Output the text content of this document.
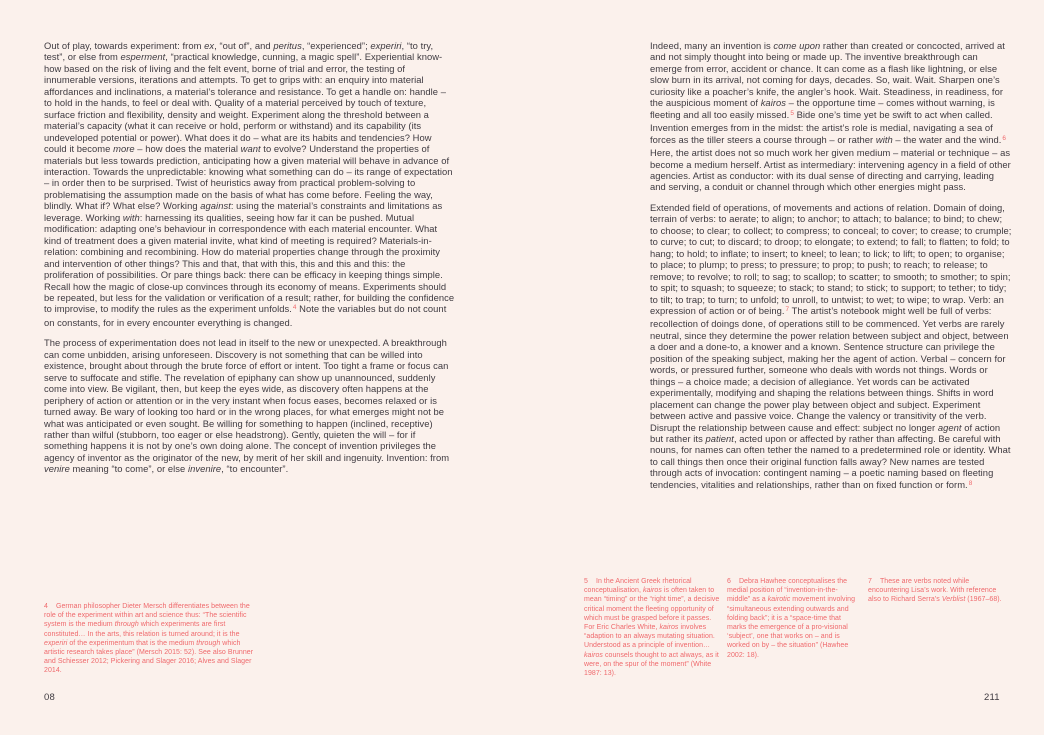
Out of play, towards experiment: from ex, “out of”, and peritus, “experienced”; experiri, “to try, test”, or else from esperment, “practical knowledge, cunning, a magic spell”. Experiential know-how based on the risk of living and the felt event, borne of trial and error, the testing of innumerable versions, iterations and attempts. To get to grips with: an enquiry into material affordances and inclinations, a material’s tolerance and resistance. To get a handle on: handle – to hold in the hands, to feel or deal with. Quality of a material perceived by touch of texture, surface friction and flexibility, density and weight. Experiment along the threshold between a material’s capacity (what it can receive or hold, perform or withstand) and its capability (its undeveloped potential or power). What does it do – what are its habits and tendencies? How could it become more – how does the material want to evolve? Understand the properties of materials but less towards prediction, anticipating how a given material will behave in advance of interaction. Towards the unpredictable: knowing what something can do – its range of expectation – in order then to be surprised. Twist of heuristics away from practical problem-solving to problematising the assumption made on the basis of what has come before. Feeling the way, blindly. What if? What else? Working against: using the material’s constraints and limitations as leverage. Working with: harnessing its qualities, seeing how far it can be pushed. Mutual modification: adapting one’s behaviour in correspondence with each material encounter. What kind of treatment does a given material invite, what kind of meeting is required? Materials-in-relation: combining and recombining. How do material properties change through the proximity and intervention of other things? This and that, that with this, this and this and this: the proliferation of possibilities. Or pare things back: there can be efficacy in keeping things simple. Recall how the magic of close-up convinces through its economy of means. Experiments should be repeated, but less for the validation or verification of a result; rather, for building the confidence to improvise, to modify the rules as the experiment unfolds.$^4$ Note the variables but do not count on constants, for in every encounter everything is changed.

The process of experimentation does not lead in itself to the new or unexpected. A breakthrough can come unbidden, arising unforeseen. Discovery is not something that can be willed into existence, brought about through the brute force of effort or intent. Too tight a frame or focus can serve to suffocate and stifle. The revelation of epiphany can show up unannounced, suddenly come into view. Be vigilant, then, but keep the eyes wide, as discovery often happens at the periphery of action or attention or in the very instant when focus eases, becomes relaxed or is turned away. Be wary of looking too hard or in the wrong places, for what emerges might not be what was anticipated or even sought. Be willing for something to happen (inclined, receptive) rather than wilful (stubborn, too eager or else headstrong). Gently, quieten the will – for if something happens it is not by one’s own doing alone. The concept of invention privileges the agency of inventor as the originator of the new, by merit of her skill and ingenuity. Invention: from venire meaning “to come”, or else invenire, “to encounter”.

4 German philosopher Dieter Mersch differentiates between the role of the experiment within art and science thus: “The scientific system is the medium through which experiments are first constituted… In the arts, this relation is turned around; it is the experiri of the experimentum that is the medium through which artistic research takes place” (Mersch 2015: 52). See also Brunner and Schiesser 2012; Pickering and Slager 2016; Alves and Slager 2014.
08

Indeed, many an invention is come upon rather than created or concocted, arrived at and not simply thought into being or made up. The inventive breakthrough can emerge from error, accident or chance. It can come as a flash like lightning, or else slow burn in its arrival, not coming for days, decades. So, wait. Wait. Sharpen one’s curiosity like a poacher’s knife, the angler’s hook. Wait. Steadiness, in readiness, for the auspicious moment of kairos – the opportune time – comes without warning, is fleeting and all too easily missed.$^5$ Bide one’s time yet be swift to act when called. Invention emerges from in the midst: the artist’s role is medial, navigating a sea of forces as the tiller steers a course through – or rather with – the water and the wind.$^6$ Here, the artist does not so much work her given medium – material or technique – as become a medium herself. Artist as intermediary: intervening agency in a field of other agencies. Artist as conductor: with its dual sense of directing and carrying, leading and serving, a conduit or channel through which other energies might pass.

Extended field of operations, of movements and actions of relation. Domain of doing, terrain of verbs: to aerate; to align; to anchor; to attach; to balance; to bind; to chew; to choose; to clear; to collect; to compress; to conceal; to cover; to crease; to crumple; to curve; to cut; to discard; to droop; to elongate; to extend; to fall; to flatten; to fold; to hang; to hold; to inflate; to insert; to kneel; to lean; to lick; to lift; to open; to organise; to place; to plump; to press; to pressure; to prop; to push; to reach; to release; to remove; to revolve; to roll; to sag; to scallop; to scatter; to smooth; to smother; to spin; to spit; to squash; to squeeze; to stack; to stand; to stick; to support; to tether; to tidy; to tilt; to trap; to turn; to unfold; to unroll, to untwist; to wet; to wipe; to wrap. Verb: an expression of action or of being.$^7$ The artist’s notebook might well be full of verbs: recollection of doings done, of operations still to be commenced. Yet verbs are rarely neutral, since they determine the power relation between subject and object, between a doer and a done-to, a knower and a known. Sentence structure can privilege the position of the speaking subject, making her the agent of action. Verbal – concern for words, or pressured further, someone who deals with words not things. Words or things – a choice made; a decision of allegiance. Yet words can be activated experimentally, modifying and shaping the relations between things. Shifts in word placement can change the power play between object and subject. Experiment between active and passive voice. Change the valency or transitivity of the verb. Disrupt the relationship between cause and effect: subject no longer agent of action but rather its patient, acted upon or affected by rather than affecting. Be careful with nouns, for names can often tether the named to a predetermined role or identity. What to call things then once their original function falls away? New names are tested through acts of invocation: contingent naming – a poetic naming based on fleeting tendencies, vitalities and relationships, rather than on fixed function or form.$^8$

5 In the Ancient Greek rhetorical conceptualisation, kairos is often taken to mean “timing” or the “right time”, a decisive critical moment the fleeting opportunity of which must be grasped before it passes. For Eric Charles White, kairos involves “adaption to an always mutating situation. Understood as a principle of invention… kairos counsels thought to act always, as it were, on the spur of the moment” (White 1987: 13).
6 Debra Hawhee conceptualises the medial position of “invention-in-the-middle” as a kairotic movement involving “simultaneous extending outwards and folding back”; it is a “space-time that marks the emergence of a pro-visional ‘subject’, one that works on – and is worked on by – the situation” (Hawhee 2002: 18).
7 These are verbs noted while encountering Lisa’s work. With reference also to Richard Serra’s Verblist (1967–68).
211
